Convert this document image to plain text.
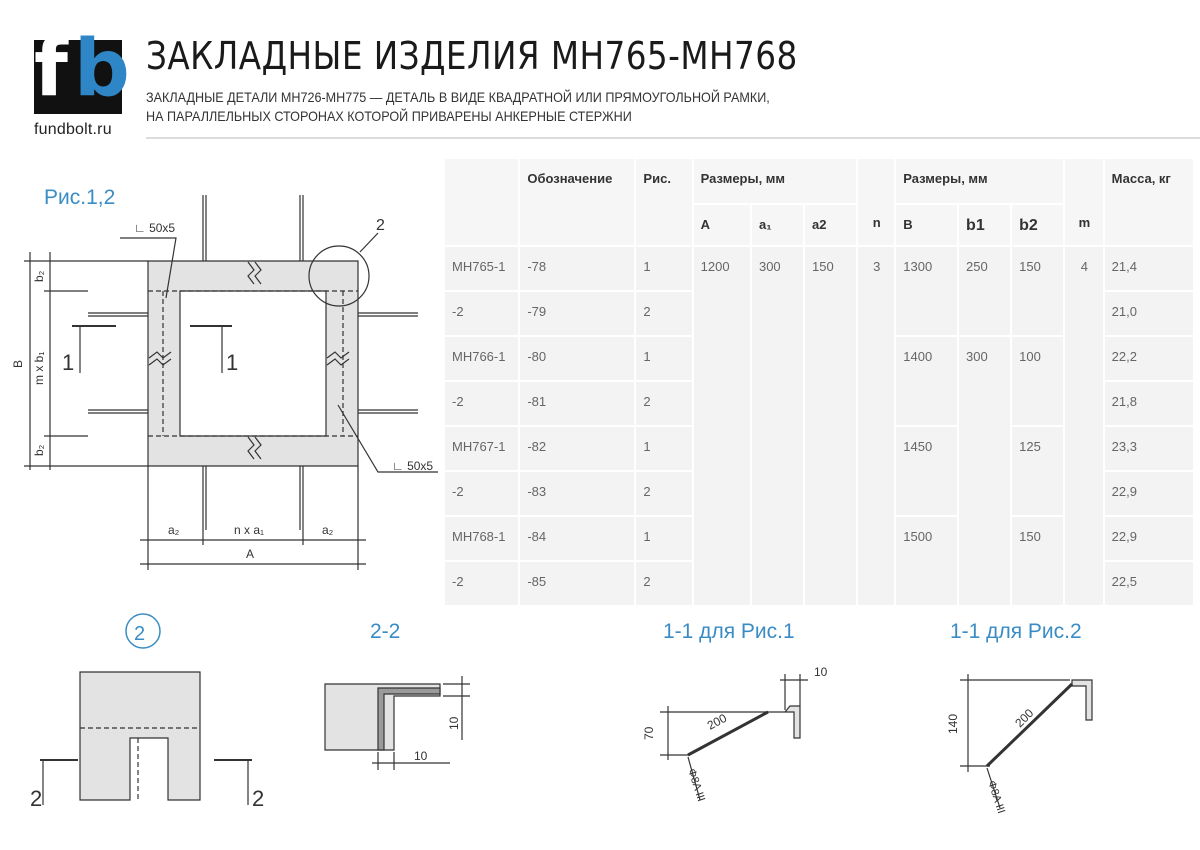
f b
fundbolt.ru
ЗАКЛАДНЫЕ ИЗДЕЛИЯ МН765-МН768
ЗАКЛАДНЫЕ ДЕТАЛИ МН726-МН775 — ДЕТАЛЬ В ВИДЕ КВАДРАТНОЙ ИЛИ ПРЯМОУГОЛЬНОЙ РАМКИ,
НА ПАРАЛЛЕЛЬНЫХ СТОРОНАХ КОТОРОЙ ПРИВАРЕНЫ АНКЕРНЫЕ СТЕРЖНИ
Рис.1,2
2-2	1-1 для Рис.1	1-1 для Рис.2
∟ 50x5
∟ 50x5
2
1	1
b₂
m x b₁
b₂
B
a₂	n x a₁	a₂
A
2
2	2
10
10
10
70
200
Φ8A III
140	200
Φ8A III
	Обозначение	Рис.	Размеры, мм			n	Размеры, мм			m	Масса, кг
			A	a₁	a2		B	b1	b2		
МН765-1	-78	1	1200	300	150	3	1300	250	150	4	21,4
-2	-79	2									21,0
МН766-1	-80	1					1400	300	100		22,2
-2	-81	2									21,8
МН767-1	-82	1					1450		125		23,3
-2	-83	2									22,9
МН768-1	-84	1					1500		150		22,9
-2	-85	2									22,5
